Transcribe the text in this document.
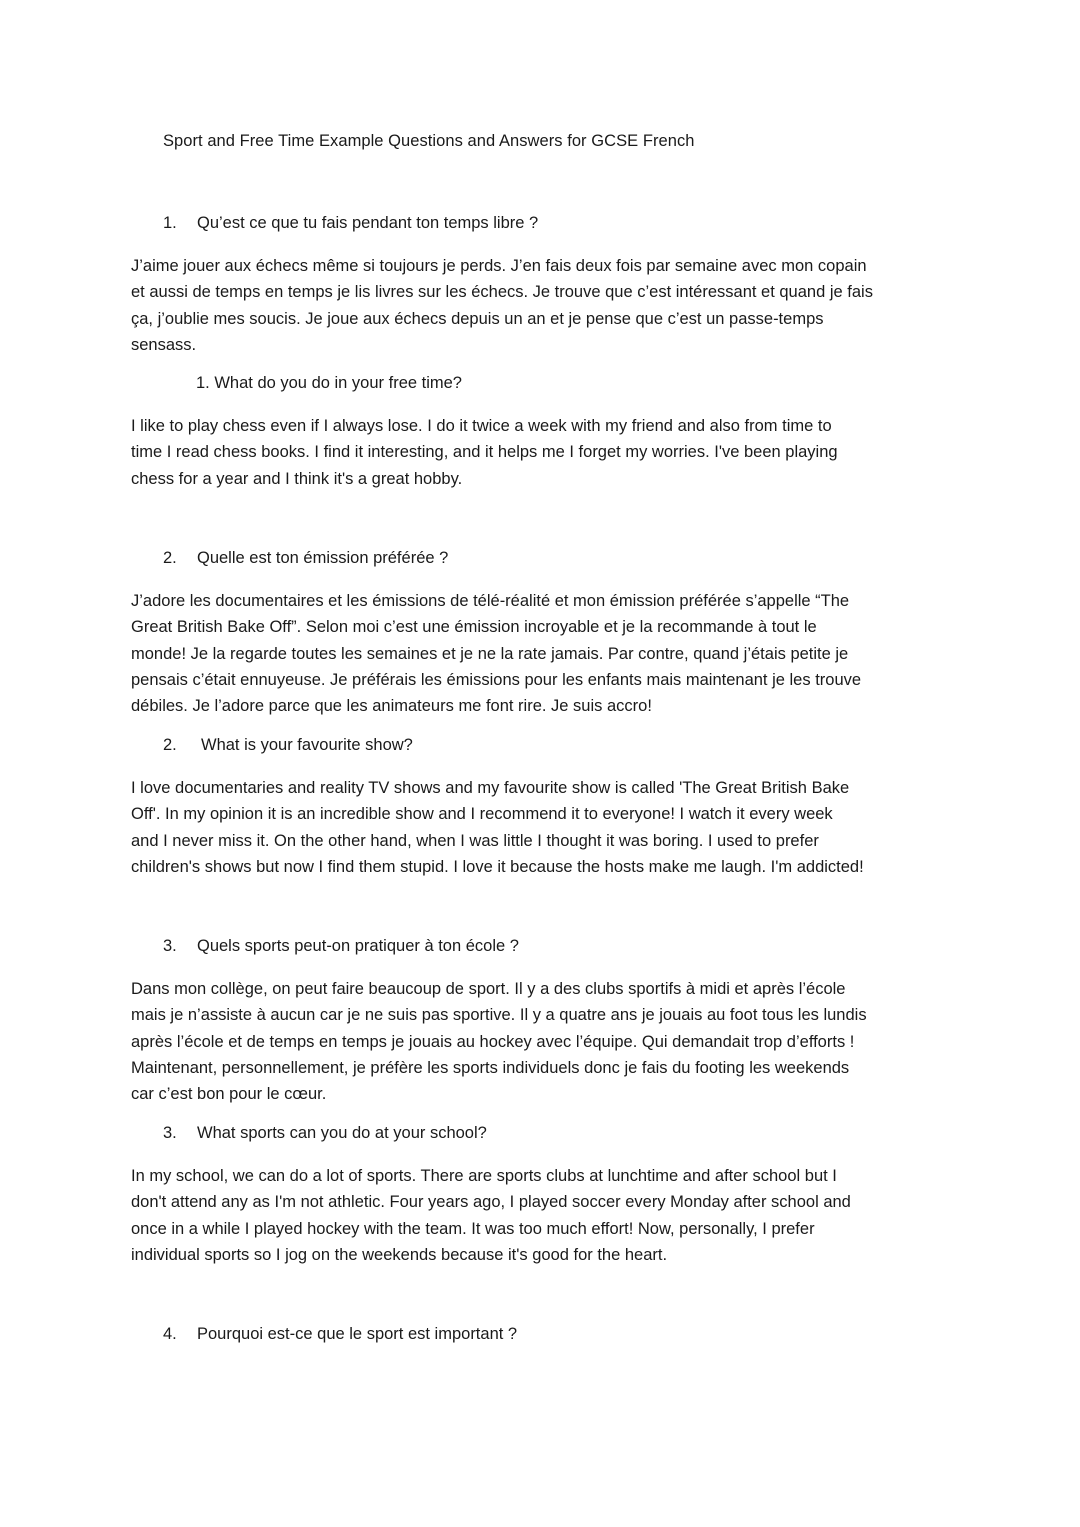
Sport and Free Time Example Questions and Answers for GCSE French
1. Qu’est ce que tu fais pendant ton temps libre ?
J’aime jouer aux échecs même si toujours je perds. J’en fais deux fois par semaine avec mon copain
et aussi de temps en temps je lis livres sur les échecs. Je trouve que c’est intéressant et quand je fais
ça, j’oublie mes soucis. Je joue aux échecs depuis un an et je pense que c’est un passe-temps
sensass.
1. What do you do in your free time?
I like to play chess even if I always lose. I do it twice a week with my friend and also from time to
time I read chess books. I find it interesting, and it helps me I forget my worries. I've been playing
chess for a year and I think it's a great hobby.
2. Quelle est ton émission préférée ?
J’adore les documentaires et les émissions de télé-réalité et mon émission préférée s’appelle “The
Great British Bake Off”. Selon moi c’est une émission incroyable et je la recommande à tout le
monde! Je la regarde toutes les semaines et je ne la rate jamais. Par contre, quand j’étais petite je
pensais c’était ennuyeuse. Je préférais les émissions pour les enfants mais maintenant je les trouve
débiles. Je l’adore parce que les animateurs me font rire. Je suis accro!
2. What is your favourite show?
I love documentaries and reality TV shows and my favourite show is called 'The Great British Bake
Off'. In my opinion it is an incredible show and I recommend it to everyone! I watch it every week
and I never miss it. On the other hand, when I was little I thought it was boring. I used to prefer
children's shows but now I find them stupid. I love it because the hosts make me laugh. I'm addicted!
3. Quels sports peut-on pratiquer à ton école ?
Dans mon collège, on peut faire beaucoup de sport. Il y a des clubs sportifs à midi et après l’école
mais je n’assiste à aucun car je ne suis pas sportive. Il y a quatre ans je jouais au foot tous les lundis
après l’école et de temps en temps je jouais au hockey avec l’équipe. Qui demandait trop d’efforts !
Maintenant, personnellement, je préfère les sports individuels donc je fais du footing les weekends
car c’est bon pour le cœur.
3. What sports can you do at your school?
In my school, we can do a lot of sports. There are sports clubs at lunchtime and after school but I
don't attend any as I'm not athletic. Four years ago, I played soccer every Monday after school and
once in a while I played hockey with the team. It was too much effort! Now, personally, I prefer
individual sports so I jog on the weekends because it's good for the heart.
4. Pourquoi est-ce que le sport est important ?
